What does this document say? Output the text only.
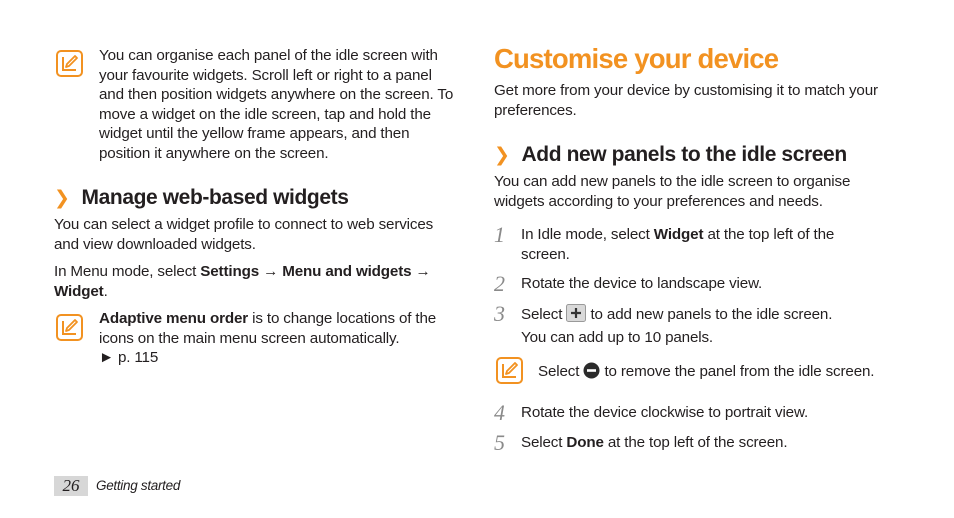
You can organise each panel of the idle screen with your favourite widgets. Scroll left or right to a panel and then position widgets anywhere on the screen. To move a widget on the idle screen, tap and hold the widget until the yellow frame appears, and then position it anywhere on the screen.

❯ Manage web-based widgets

You can select a widget profile to connect to web services and view downloaded widgets.

In Menu mode, select Settings → Menu and widgets → Widget.

Adaptive menu order is to change locations of the icons on the main menu screen automatically.
► p. 115

Customise your device

Get more from your device by customising it to match your preferences.

❯ Add new panels to the idle screen

You can add new panels to the idle screen to organise widgets according to your preferences and needs.

1 In Idle mode, select Widget at the top left of the screen.

2 Rotate the device to landscape view.

3 Select  to add new panels to the idle screen.
You can add up to 10 panels.

Select  to remove the panel from the idle screen.

4 Rotate the device clockwise to portrait view.

5 Select Done at the top left of the screen.

26	Getting started
